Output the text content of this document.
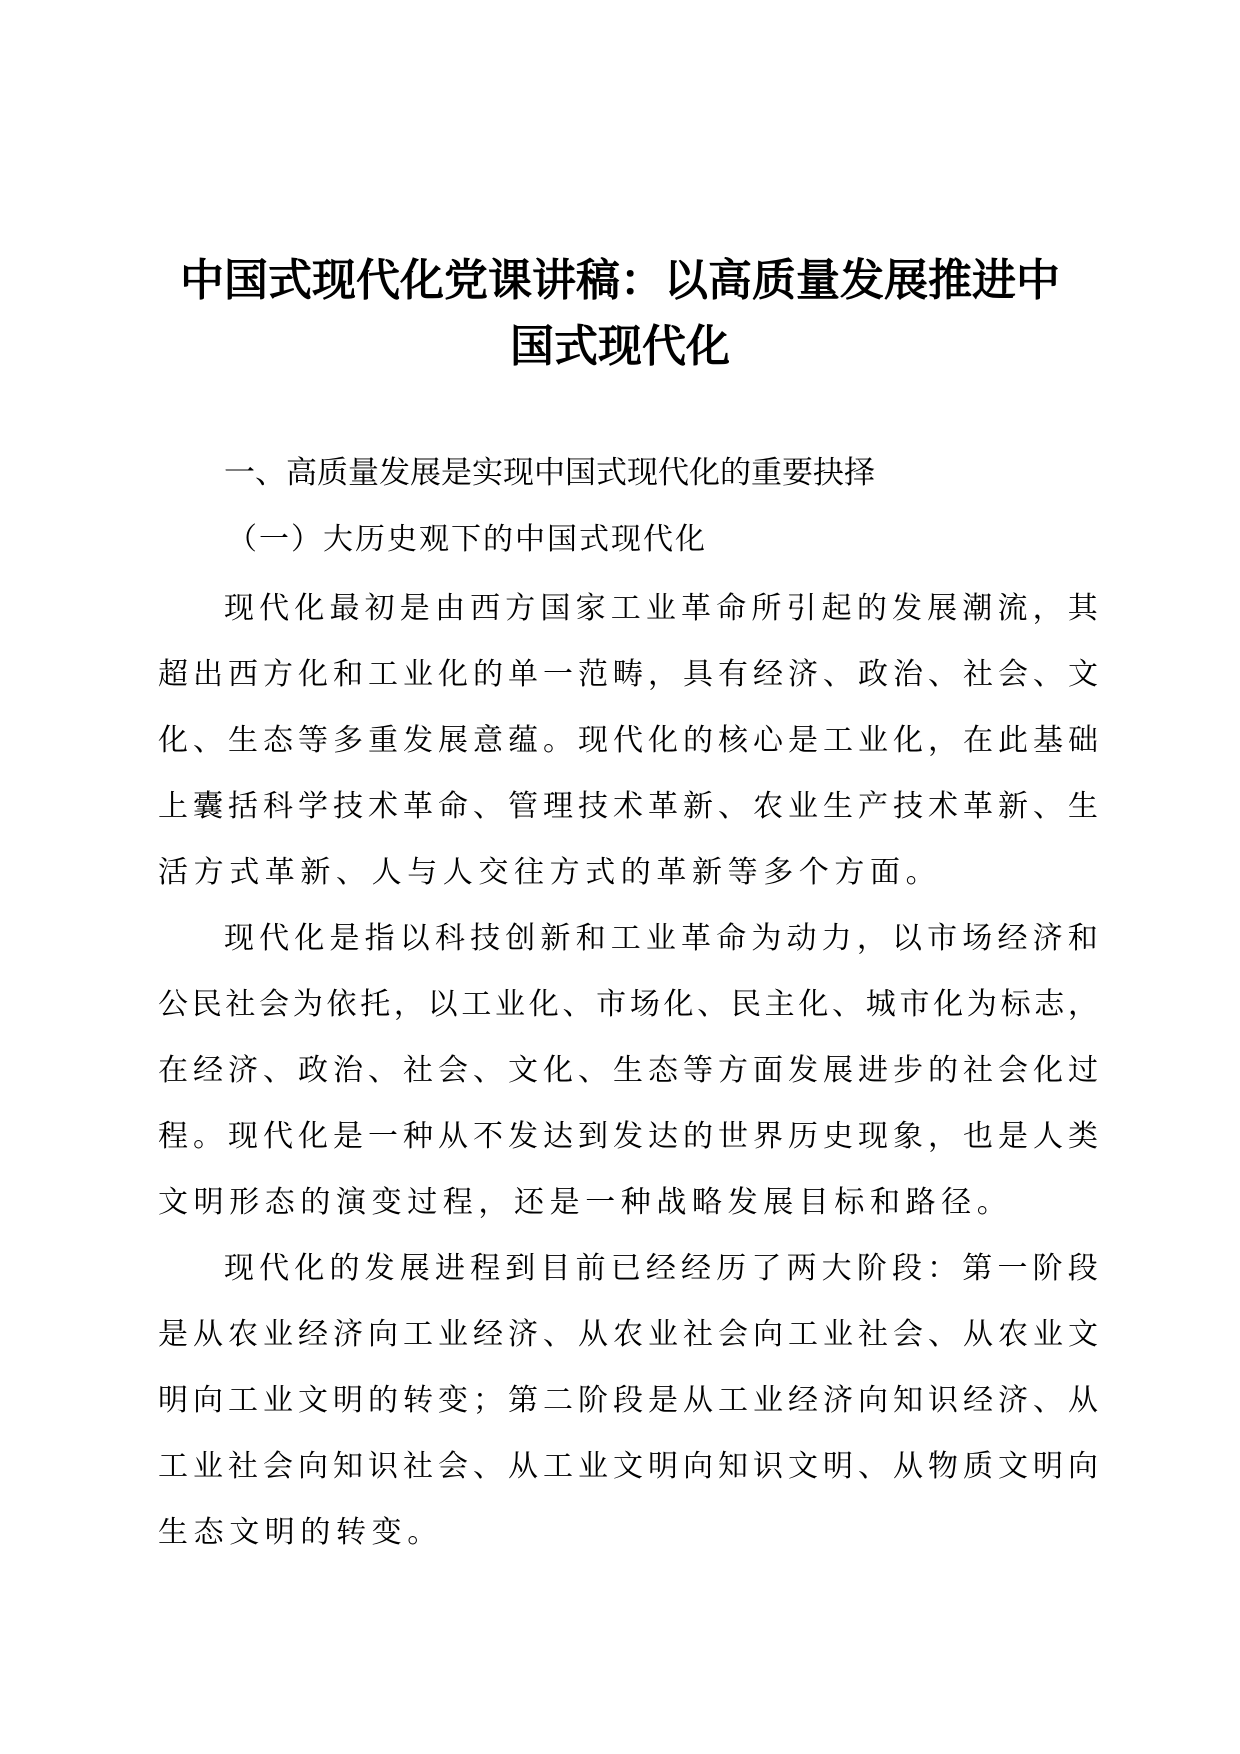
中国式现代化党课讲稿：以高质量发展推进中
国式现代化
一、高质量发展是实现中国式现代化的重要抉择
（一）大历史观下的中国式现代化
现 代 化 最 初 是 由 西 方 国 家 工 业 革 命 所 引 起 的 发 展 潮 流 ， 其
超 出 西 方 化 和 工 业 化 的 单 一 范 畴 ， 具 有 经 济 、 政 治 、 社 会 、 文
化 、 生 态 等 多 重 发 展 意 蕴 。 现 代 化 的 核 心 是 工 业 化 ， 在 此 基 础
上 囊 括 科 学 技 术 革 命 、 管 理 技 术 革 新 、 农 业 生 产 技 术 革 新 、 生
活方式革新、人与人交往方式的革新等多个方面。
现 代 化 是 指 以 科 技 创 新 和 工 业 革 命 为 动 力 ， 以 市 场 经 济 和
公 民 社 会 为 依 托 ， 以 工 业 化 、 市 场 化 、 民 主 化 、 城 市 化 为 标 志 ，
在 经 济 、 政 治 、 社 会 、 文 化 、 生 态 等 方 面 发 展 进 步 的 社 会 化 过
程 。 现 代 化 是 一 种 从 不 发 达 到 发 达 的 世 界 历 史 现 象 ， 也 是 人 类
文明形态的演变过程，还是一种战略发展目标和路径。
现 代 化 的 发 展 进 程 到 目 前 已 经 经 历 了 两 大 阶 段 ： 第 一 阶 段
是 从 农 业 经 济 向 工 业 经 济 、 从 农 业 社 会 向 工 业 社 会 、 从 农 业 文
明 向 工 业 文 明 的 转 变 ； 第 二 阶 段 是 从 工 业 经 济 向 知 识 经 济 、 从
工 业 社 会 向 知 识 社 会 、 从 工 业 文 明 向 知 识 文 明 、 从 物 质 文 明 向
生态文明的转变。
